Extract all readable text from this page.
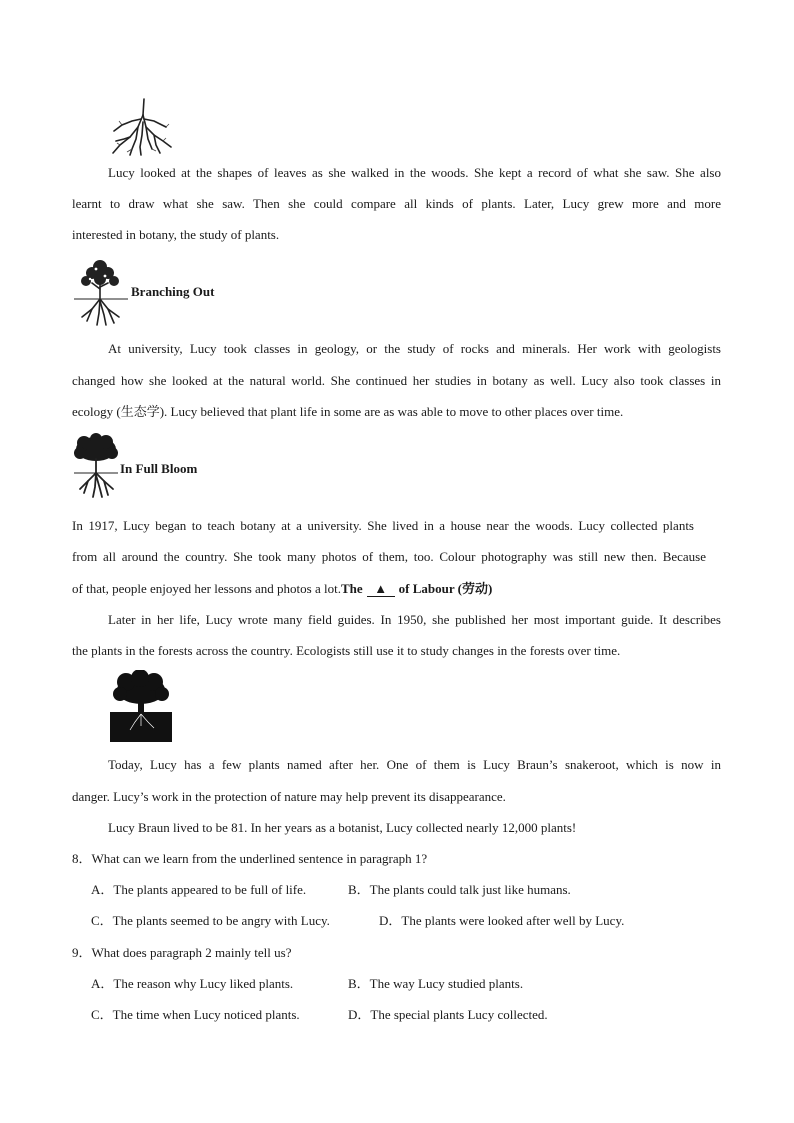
Lucy looked at the shapes of leaves as she walked in the woods. She kept a record of what she saw. She also
learnt to draw what she saw. Then she could compare all kinds of plants. Later, Lucy grew more and more
interested in botany, the study of plants.
Branching Out
At university, Lucy took classes in geology, or the study of rocks and minerals. Her work with geologists
changed how she looked at the natural world. She continued her studies in botany as well. Lucy also took classes in
ecology (生态学). Lucy believed that plant life in some are as was able to move to other places over time.
In Full Bloom
In 1917, Lucy began to teach botany at a university. She lived in a house near the woods. Lucy collected plants
from all around the country. She took many photos of them, too. Colour photography was still new then. Because
of that, people enjoyed her lessons and photos a lot.The ▲ of Labour (劳动)
Later in her life, Lucy wrote many field guides. In 1950, she published her most important guide. It describes
the plants in the forests across the country. Ecologists still use it to study changes in the forests over time.
Today, Lucy has a few plants named after her. One of them is Lucy Braun’s snakeroot, which is now in
danger. Lucy’s work in the protection of nature may help prevent its disappearance.
Lucy Braun lived to be 81. In her years as a botanist, Lucy collected nearly 12,000 plants!
8．What can we learn from the underlined sentence in paragraph 1?
A．The plants appeared to be full of life.	B．The plants could talk just like humans.
C．The plants seemed to be angry with Lucy.	D．The plants were looked after well by Lucy.
9．What does paragraph 2 mainly tell us?
A．The reason why Lucy liked plants.	B．The way Lucy studied plants.
C．The time when Lucy noticed plants.	D．The special plants Lucy collected.
